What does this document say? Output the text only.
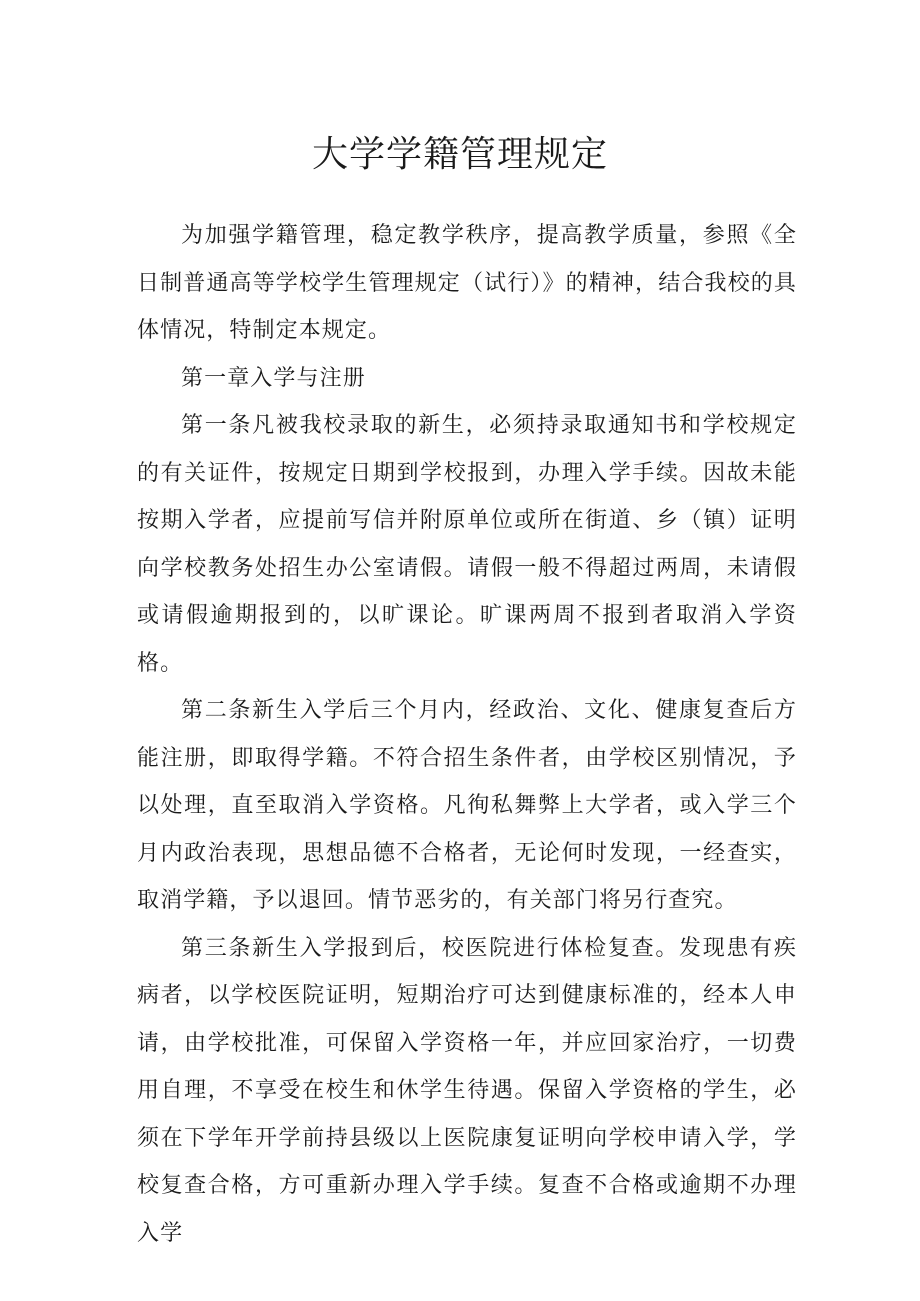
大学学籍管理规定

为加强学籍管理，稳定教学秩序，提高教学质量，参照《全日制普通高等学校学生管理规定（试行）》的精神，结合我校的具体情况，特制定本规定。

第一章入学与注册

第一条凡被我校录取的新生，必须持录取通知书和学校规定的有关证件，按规定日期到学校报到，办理入学手续。因故未能按期入学者，应提前写信并附原单位或所在街道、乡（镇）证明向学校教务处招生办公室请假。请假一般不得超过两周，未请假或请假逾期报到的，以旷课论。旷课两周不报到者取消入学资格。

第二条新生入学后三个月内，经政治、文化、健康复查后方能注册，即取得学籍。不符合招生条件者，由学校区别情况，予以处理，直至取消入学资格。凡徇私舞弊上大学者，或入学三个月内政治表现，思想品德不合格者，无论何时发现，一经查实，取消学籍，予以退回。情节恶劣的，有关部门将另行查究。

第三条新生入学报到后，校医院进行体检复查。发现患有疾病者，以学校医院证明，短期治疗可达到健康标准的，经本人申请，由学校批准，可保留入学资格一年，并应回家治疗，一切费用自理，不享受在校生和休学生待遇。保留入学资格的学生，必须在下学年开学前持县级以上医院康复证明向学校申请入学，学校复查合格，方可重新办理入学手续。复查不合格或逾期不办理入学
